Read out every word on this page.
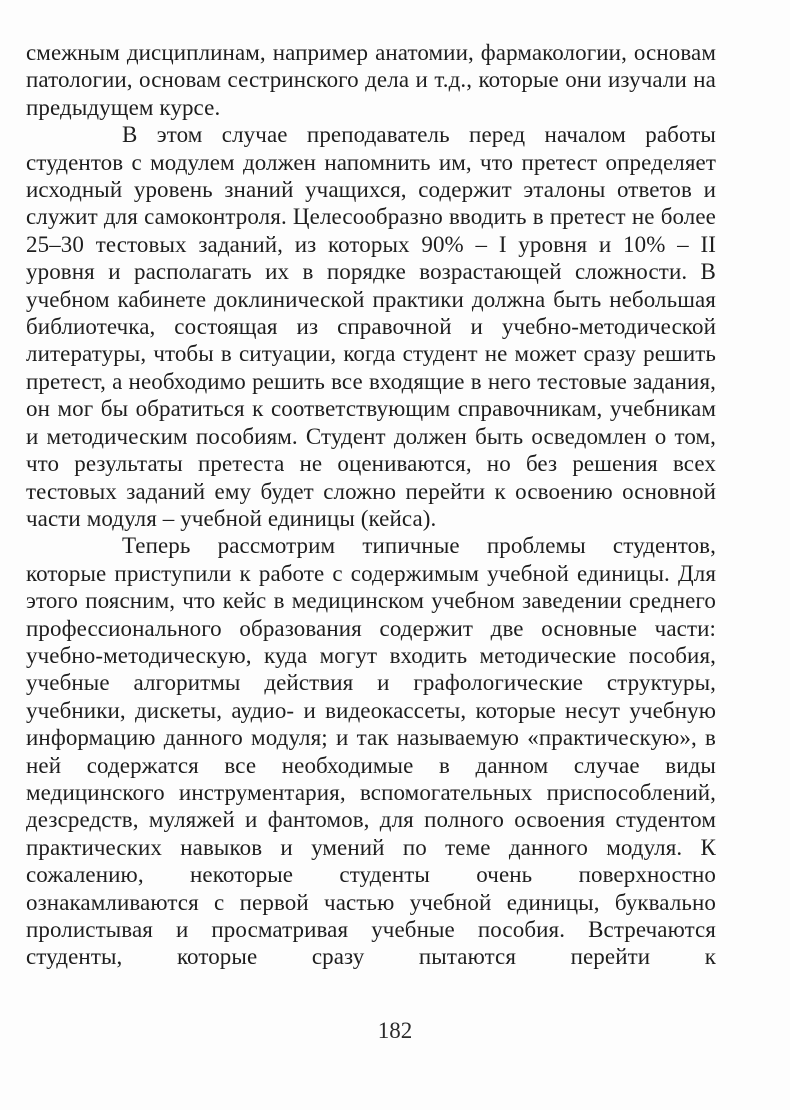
смежным дисциплинам, например анатомии, фармакологии, основам патологии, основам сестринского дела и т.д., которые они изучали на предыдущем курсе.

В этом случае преподаватель перед началом работы студентов с модулем должен напомнить им, что претест определяет исходный уровень знаний учащихся, содержит эталоны ответов и служит для самоконтроля. Целесообразно вводить в претест не более 25–30 тестовых заданий, из которых 90% – I уровня и 10% – II уровня и располагать их в порядке возрастающей сложности. В учебном кабинете доклинической практики должна быть небольшая библиотечка, состоящая из справочной и учебно-методической литературы, чтобы в ситуации, когда студент не может сразу решить претест, а необходимо решить все входящие в него тестовые задания, он мог бы обратиться к соответствующим справочникам, учебникам и методическим пособиям. Студент должен быть осведомлен о том, что результаты претеста не оцениваются, но без решения всех тестовых заданий ему будет сложно перейти к освоению основной части модуля – учебной единицы (кейса).

Теперь рассмотрим типичные проблемы студентов, которые приступили к работе с содержимым учебной единицы. Для этого поясним, что кейс в медицинском учебном заведении среднего профессионального образования содержит две основные части: учебно-методическую, куда могут входить методические пособия, учебные алгоритмы действия и графологические структуры, учебники, дискеты, аудио- и видеокассеты, которые несут учебную информацию данного модуля; и так называемую «практическую», в ней содержатся все необходимые в данном случае виды медицинского инструментария, вспомогательных приспособлений, дезсредств, муляжей и фантомов, для полного освоения студентом практических навыков и умений по теме данного модуля. К сожалению, некоторые студенты очень поверхностно ознакамливаются с первой частью учебной единицы, буквально пролистывая и просматривая учебные пособия. Встречаются студенты, которые сразу пытаются перейти к

182
